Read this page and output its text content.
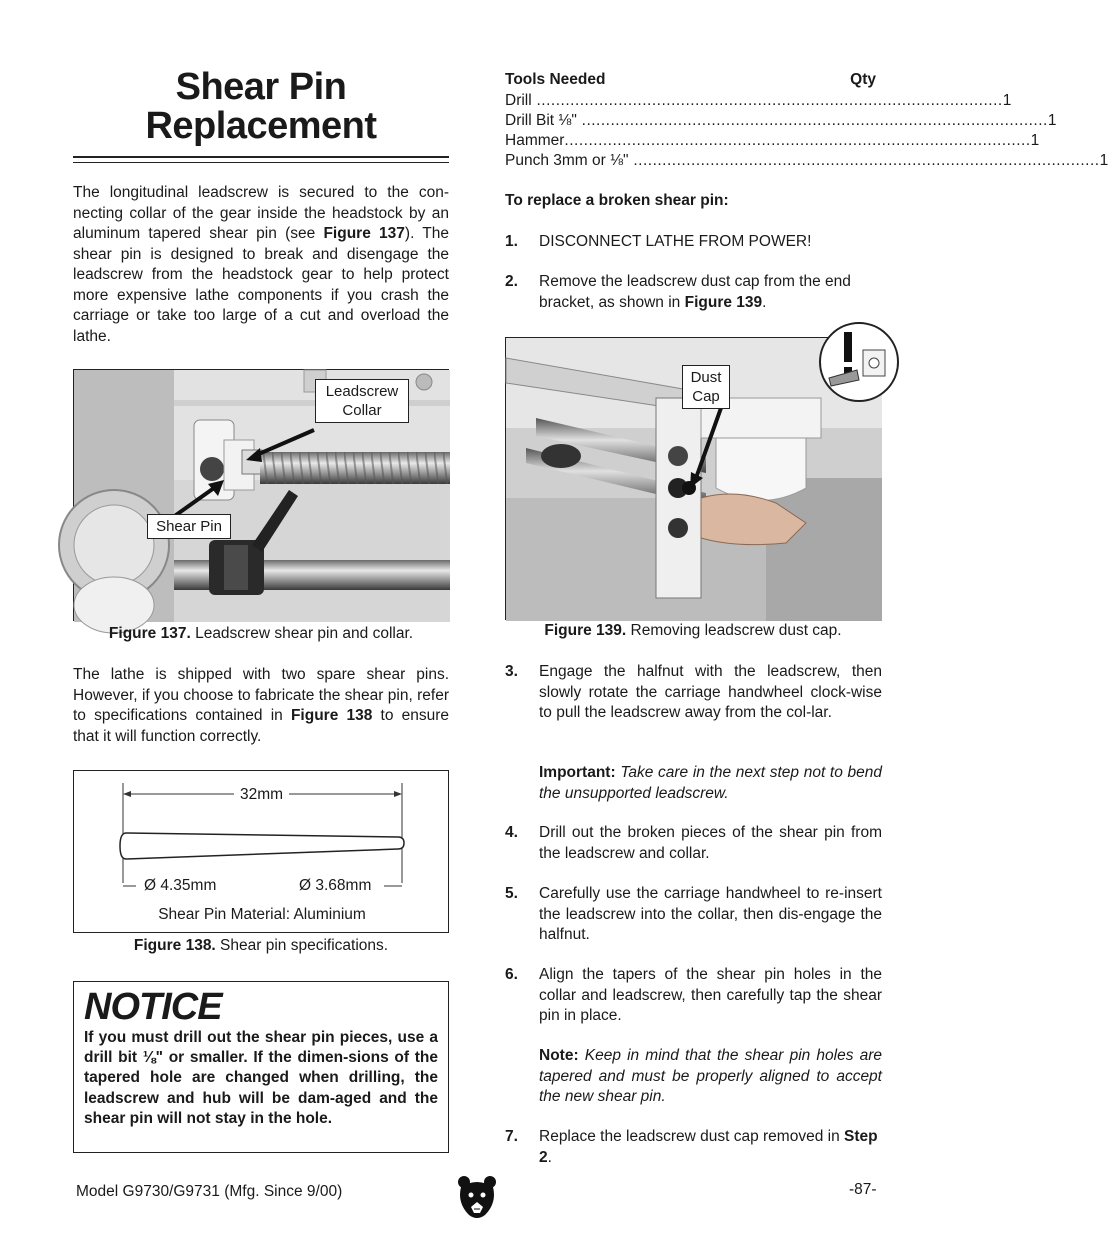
Shear Pin
Replacement
The longitudinal leadscrew is secured to the con-necting collar of the gear inside the headstock by an aluminum tapered shear pin (see Figure 137). The shear pin is designed to break and disengage the leadscrew from the headstock gear to help protect more expensive lathe components if you crash the carriage or take too large of a cut and overload the lathe.
Leadscrew
Collar
Shear Pin
Figure 137. Leadscrew shear pin and collar.
The lathe is shipped with two spare shear pins. However, if you choose to fabricate the shear pin, refer to specifications contained in Figure 138 to ensure that it will function correctly.
32mm
Ø 4.35mm	Ø 3.68mm
Shear Pin Material: Aluminium
Figure 138. Shear pin specifications.
NOTICE
If you must drill out the shear pin pieces, use a drill bit ⅛" or smaller. If the dimen-sions of the tapered hole are changed when drilling, the leadscrew and hub will be dam-aged and the shear pin will not stay in the hole.
Tools Needed	Qty
Drill ................................................................................................. 1
Drill Bit ⅛" ................................................................................................. 1
Hammer ................................................................................................. 1
Punch 3mm or ⅛" ................................................................................................. 1
To replace a broken shear pin:
1. DISCONNECT LATHE FROM POWER!
2. Remove the leadscrew dust cap from the end bracket, as shown in Figure 139.
Dust
Cap
Figure 139. Removing leadscrew dust cap.
3. Engage the halfnut with the leadscrew, then slowly rotate the carriage handwheel clock-wise to pull the leadscrew away from the col-lar.
Important: Take care in the next step not to bend the unsupported leadscrew.
4. Drill out the broken pieces of the shear pin from the leadscrew and collar.
5. Carefully use the carriage handwheel to re-insert the leadscrew into the collar, then dis-engage the halfnut.
6. Align the tapers of the shear pin holes in the collar and leadscrew, then carefully tap the shear pin in place.
Note: Keep in mind that the shear pin holes are tapered and must be properly aligned to accept the new shear pin.
7. Replace the leadscrew dust cap removed in Step 2.
Model G9730/G9731 (Mfg. Since 9/00)	-87-
